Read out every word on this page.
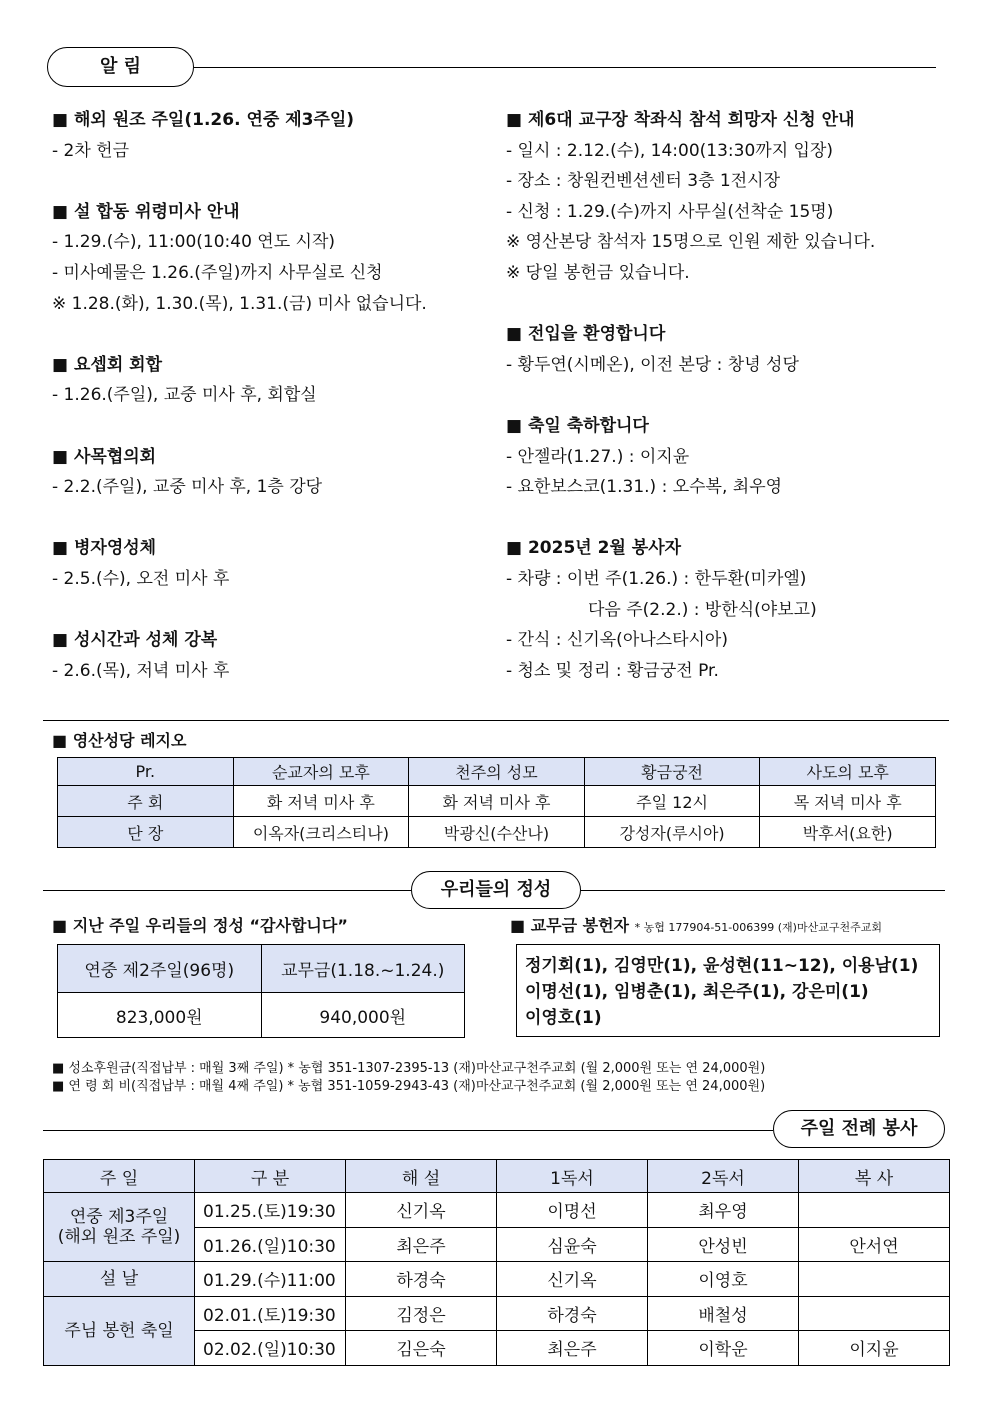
알 림
■ 해외 원조 주일(1.26. 연중 제3주일)
- 2차 헌금
■ 설 합동 위령미사 안내
- 1.29.(수), 11:00(10:40 연도 시작)
- 미사예물은 1.26.(주일)까지 사무실로 신청
※ 1.28.(화), 1.30.(목), 1.31.(금) 미사 없습니다.
■ 요셉회 회합
- 1.26.(주일), 교중 미사 후, 회합실
■ 사목협의회
- 2.2.(주일), 교중 미사 후, 1층 강당
■ 병자영성체
- 2.5.(수), 오전 미사 후
■ 성시간과 성체 강복
- 2.6.(목), 저녁 미사 후
■ 제6대 교구장 착좌식 참석 희망자 신청 안내
- 일시 : 2.12.(수), 14:00(13:30까지 입장)
- 장소 : 창원컨벤션센터 3층 1전시장
- 신청 : 1.29.(수)까지 사무실(선착순 15명)
※ 영산본당 참석자 15명으로 인원 제한 있습니다.
※ 당일 봉헌금 있습니다.
■ 전입을 환영합니다
- 황두연(시메온), 이전 본당 : 창녕 성당
■ 축일 축하합니다
- 안젤라(1.27.) : 이지윤
- 요한보스코(1.31.) : 오수복, 최우영
■ 2025년 2월 봉사자
- 차량 : 이번 주(1.26.) : 한두환(미카엘)
다음 주(2.2.) : 방한식(야보고)
- 간식 : 신기옥(아나스타시아)
- 청소 및 정리 : 황금궁전 Pr.
■ 영산성당 레지오
Pr.	순교자의 모후	천주의 성모	황금궁전	사도의 모후
주 회	화 저녁 미사 후	화 저녁 미사 후	주일 12시	목 저녁 미사 후
단 장	이옥자(크리스티나)	박광신(수산나)	강성자(루시아)	박후서(요한)
우리들의 정성
■ 지난 주일 우리들의 정성 “감사합니다”	■ 교무금 봉헌자 * 농협 177904-51-006399 (재)마산교구천주교회
연중 제2주일(96명)	교무금(1.18.~1.24.)
823,000원	940,000원
정기회(1), 김영만(1), 윤성현(11~12), 이용남(1)
이명선(1), 임병춘(1), 최은주(1), 강은미(1)
이영호(1)
■ 성소후원금(직접납부 : 매월 3째 주일) * 농협 351-1307-2395-13 (재)마산교구천주교회 (월 2,000원 또는 연 24,000원)
■ 연 령 회 비(직접납부 : 매월 4째 주일) * 농협 351-1059-2943-43 (재)마산교구천주교회 (월 2,000원 또는 연 24,000원)
주일 전례 봉사
주 일	구 분	해 설	1독서	2독서	복 사
연중 제3주일
(해외 원조 주일)	01.25.(토)19:30	신기옥	이명선	최우영	
	01.26.(일)10:30	최은주	심윤숙	안성빈	안서연
설 날	01.29.(수)11:00	하경숙	신기옥	이영호	
주님 봉헌 축일	02.01.(토)19:30	김정은	하경숙	배철성	
	02.02.(일)10:30	김은숙	최은주	이학운	이지윤
